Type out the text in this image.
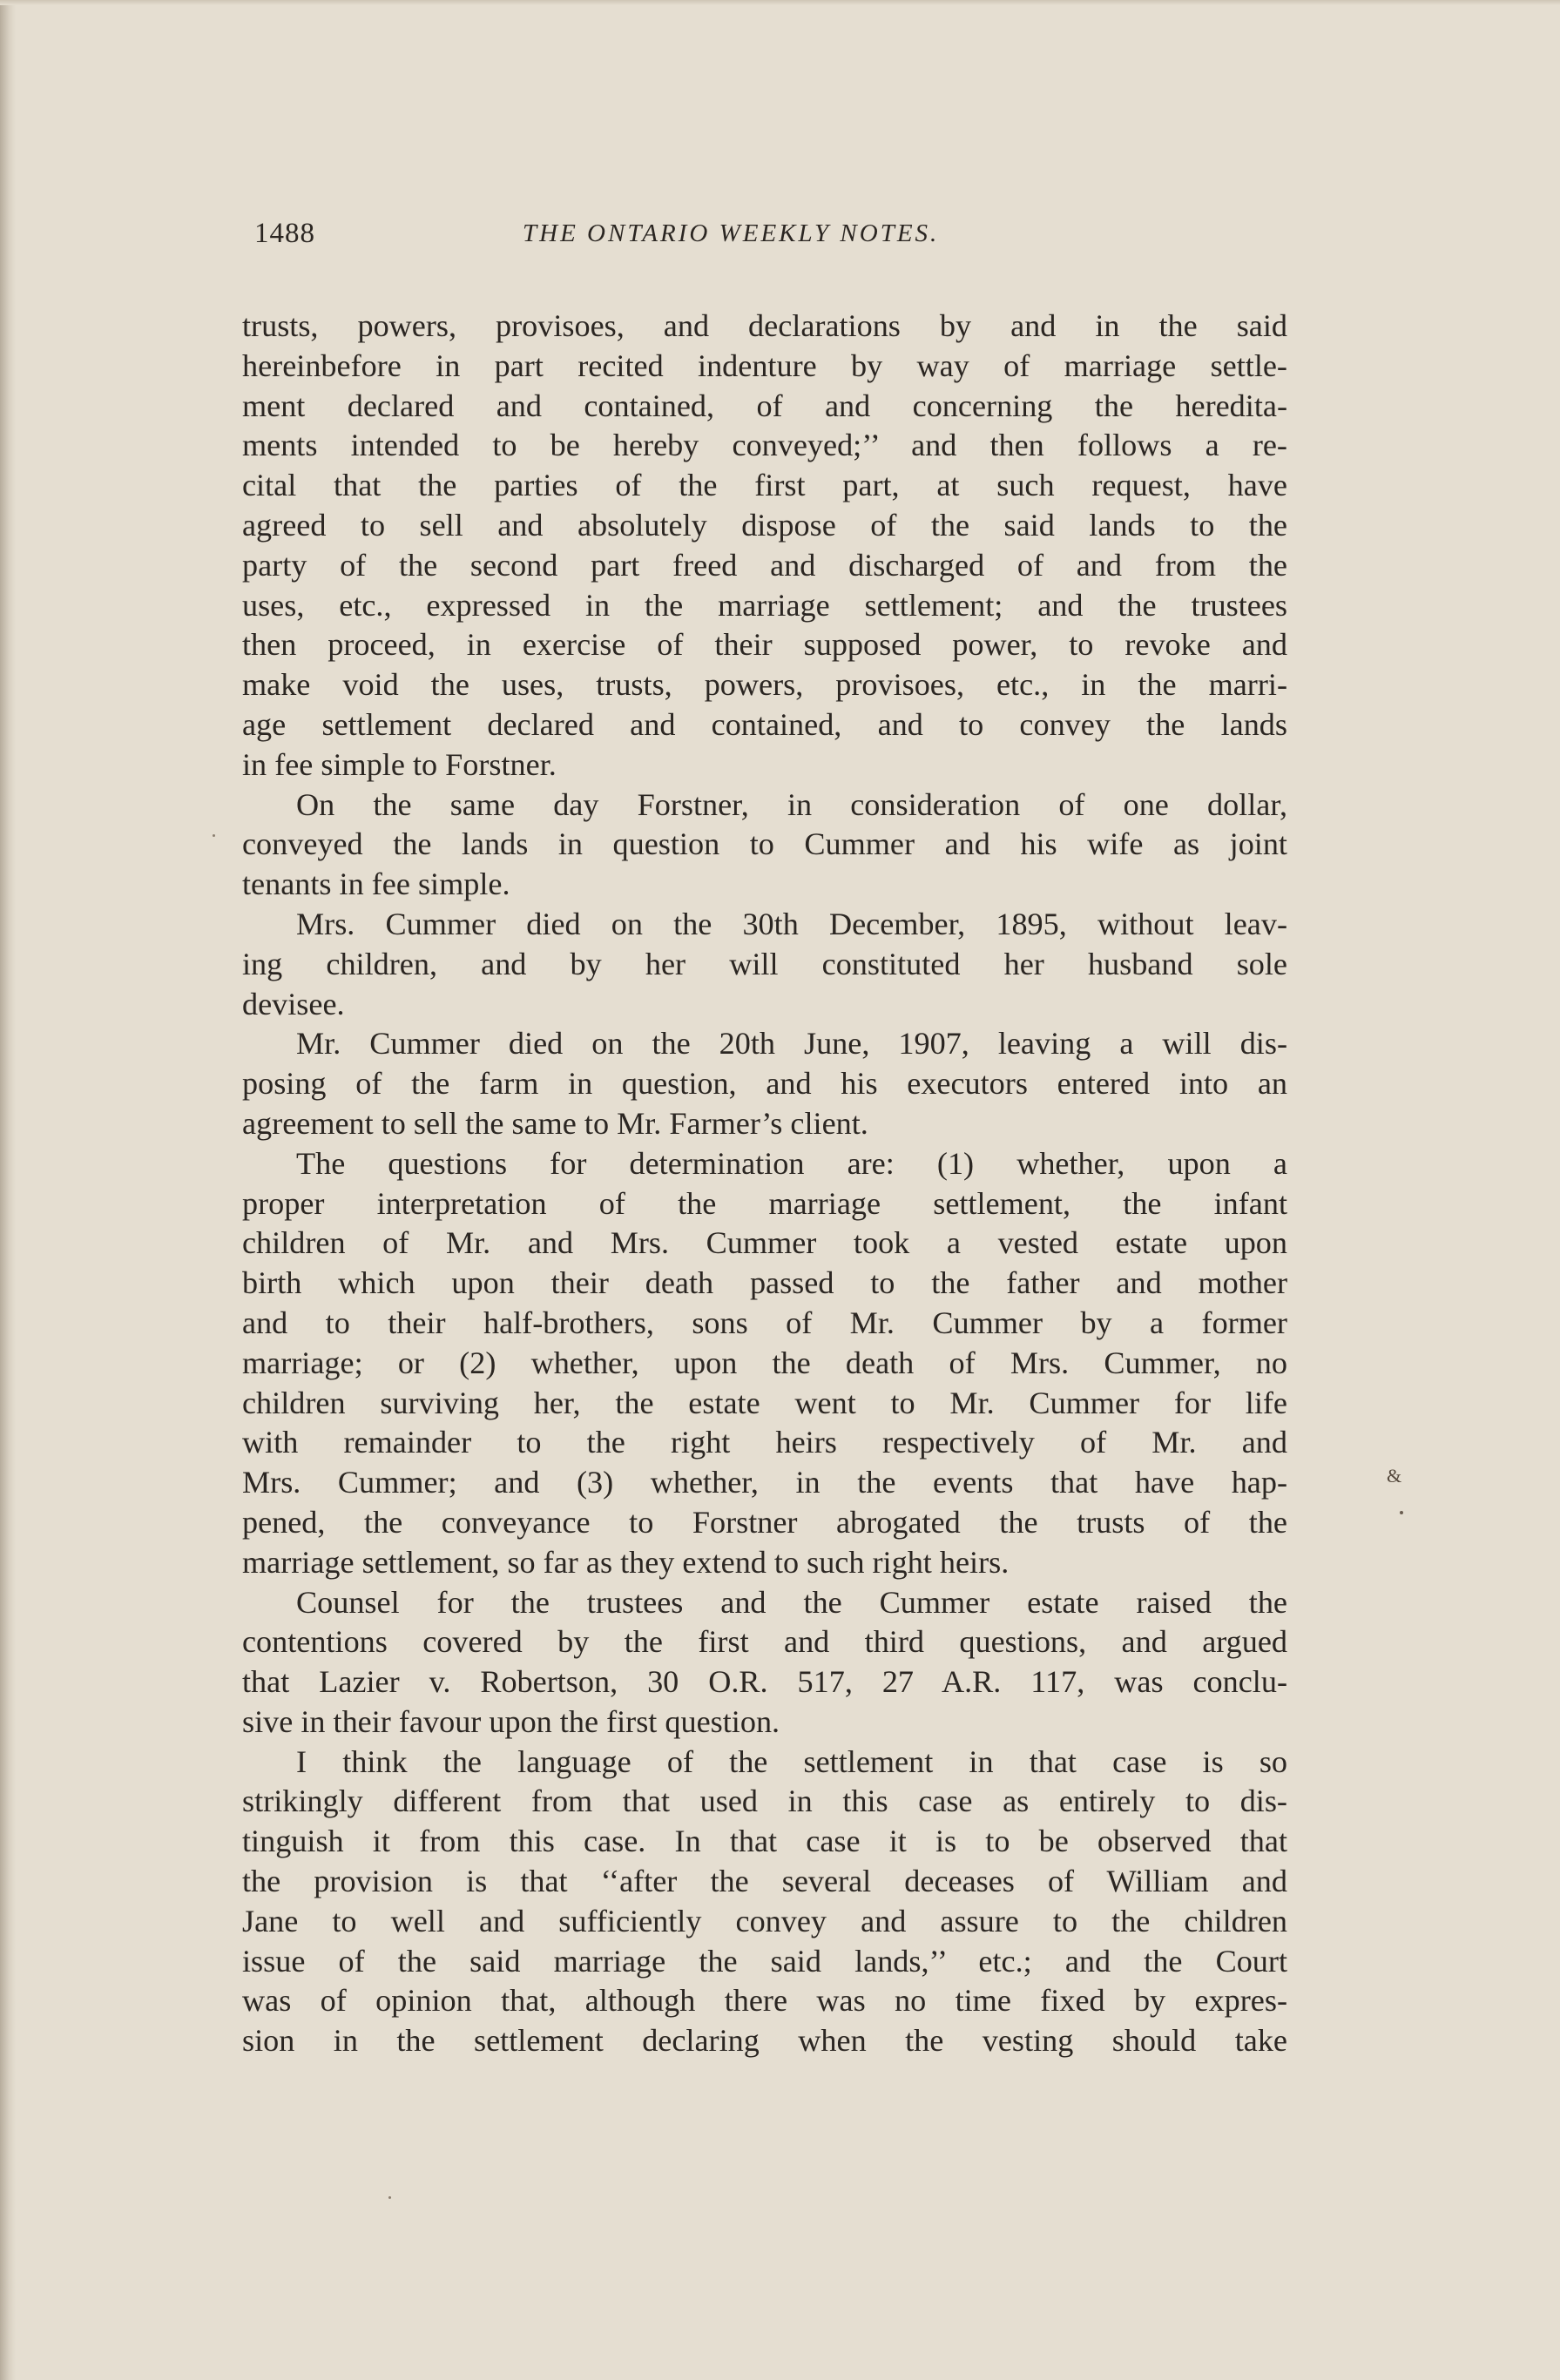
1488	THE ONTARIO WEEKLY NOTES.
trusts, powers, provisoes, and declarations by and in the said
hereinbefore in part recited indenture by way of marriage settle-
ment declared and contained, of and concerning the heredita-
ments intended to be hereby conveyed;’’ and then follows a re-
cital that the parties of the first part, at such request, have
agreed to sell and absolutely dispose of the said lands to the
party of the second part freed and discharged of and from the
uses, etc., expressed in the marriage settlement; and the trustees
then proceed, in exercise of their supposed power, to revoke and
make void the uses, trusts, powers, provisoes, etc., in the marri-
age settlement declared and contained, and to convey the lands
in fee simple to Forstner.
On the same day Forstner, in consideration of one dollar,
conveyed the lands in question to Cummer and his wife as joint
tenants in fee simple.
Mrs. Cummer died on the 30th December, 1895, without leav-
ing children, and by her will constituted her husband sole
devisee.
Mr. Cummer died on the 20th June, 1907, leaving a will dis-
posing of the farm in question, and his executors entered into an
agreement to sell the same to Mr. Farmer’s client.
The questions for determination are: (1) whether, upon a
proper interpretation of the marriage settlement, the infant
children of Mr. and Mrs. Cummer took a vested estate upon
birth which upon their death passed to the father and mother
and to their half-brothers, sons of Mr. Cummer by a former
marriage; or (2) whether, upon the death of Mrs. Cummer, no
children surviving her, the estate went to Mr. Cummer for life
with remainder to the right heirs respectively of Mr. and
Mrs. Cummer; and (3) whether, in the events that have hap-
pened, the conveyance to Forstner abrogated the trusts of the
marriage settlement, so far as they extend to such right heirs.
Counsel for the trustees and the Cummer estate raised the
contentions covered by the first and third questions, and argued
that Lazier v. Robertson, 30 O.R. 517, 27 A.R. 117, was conclu-
sive in their favour upon the first question.
I think the language of the settlement in that case is so
strikingly different from that used in this case as entirely to dis-
tinguish it from this case. In that case it is to be observed that
the provision is that ‘‘after the several deceases of William and
Jane to well and sufficiently convey and assure to the children
issue of the said marriage the said lands,’’ etc.; and the Court
was of opinion that, although there was no time fixed by expres-
sion in the settlement declaring when the vesting should take
&
